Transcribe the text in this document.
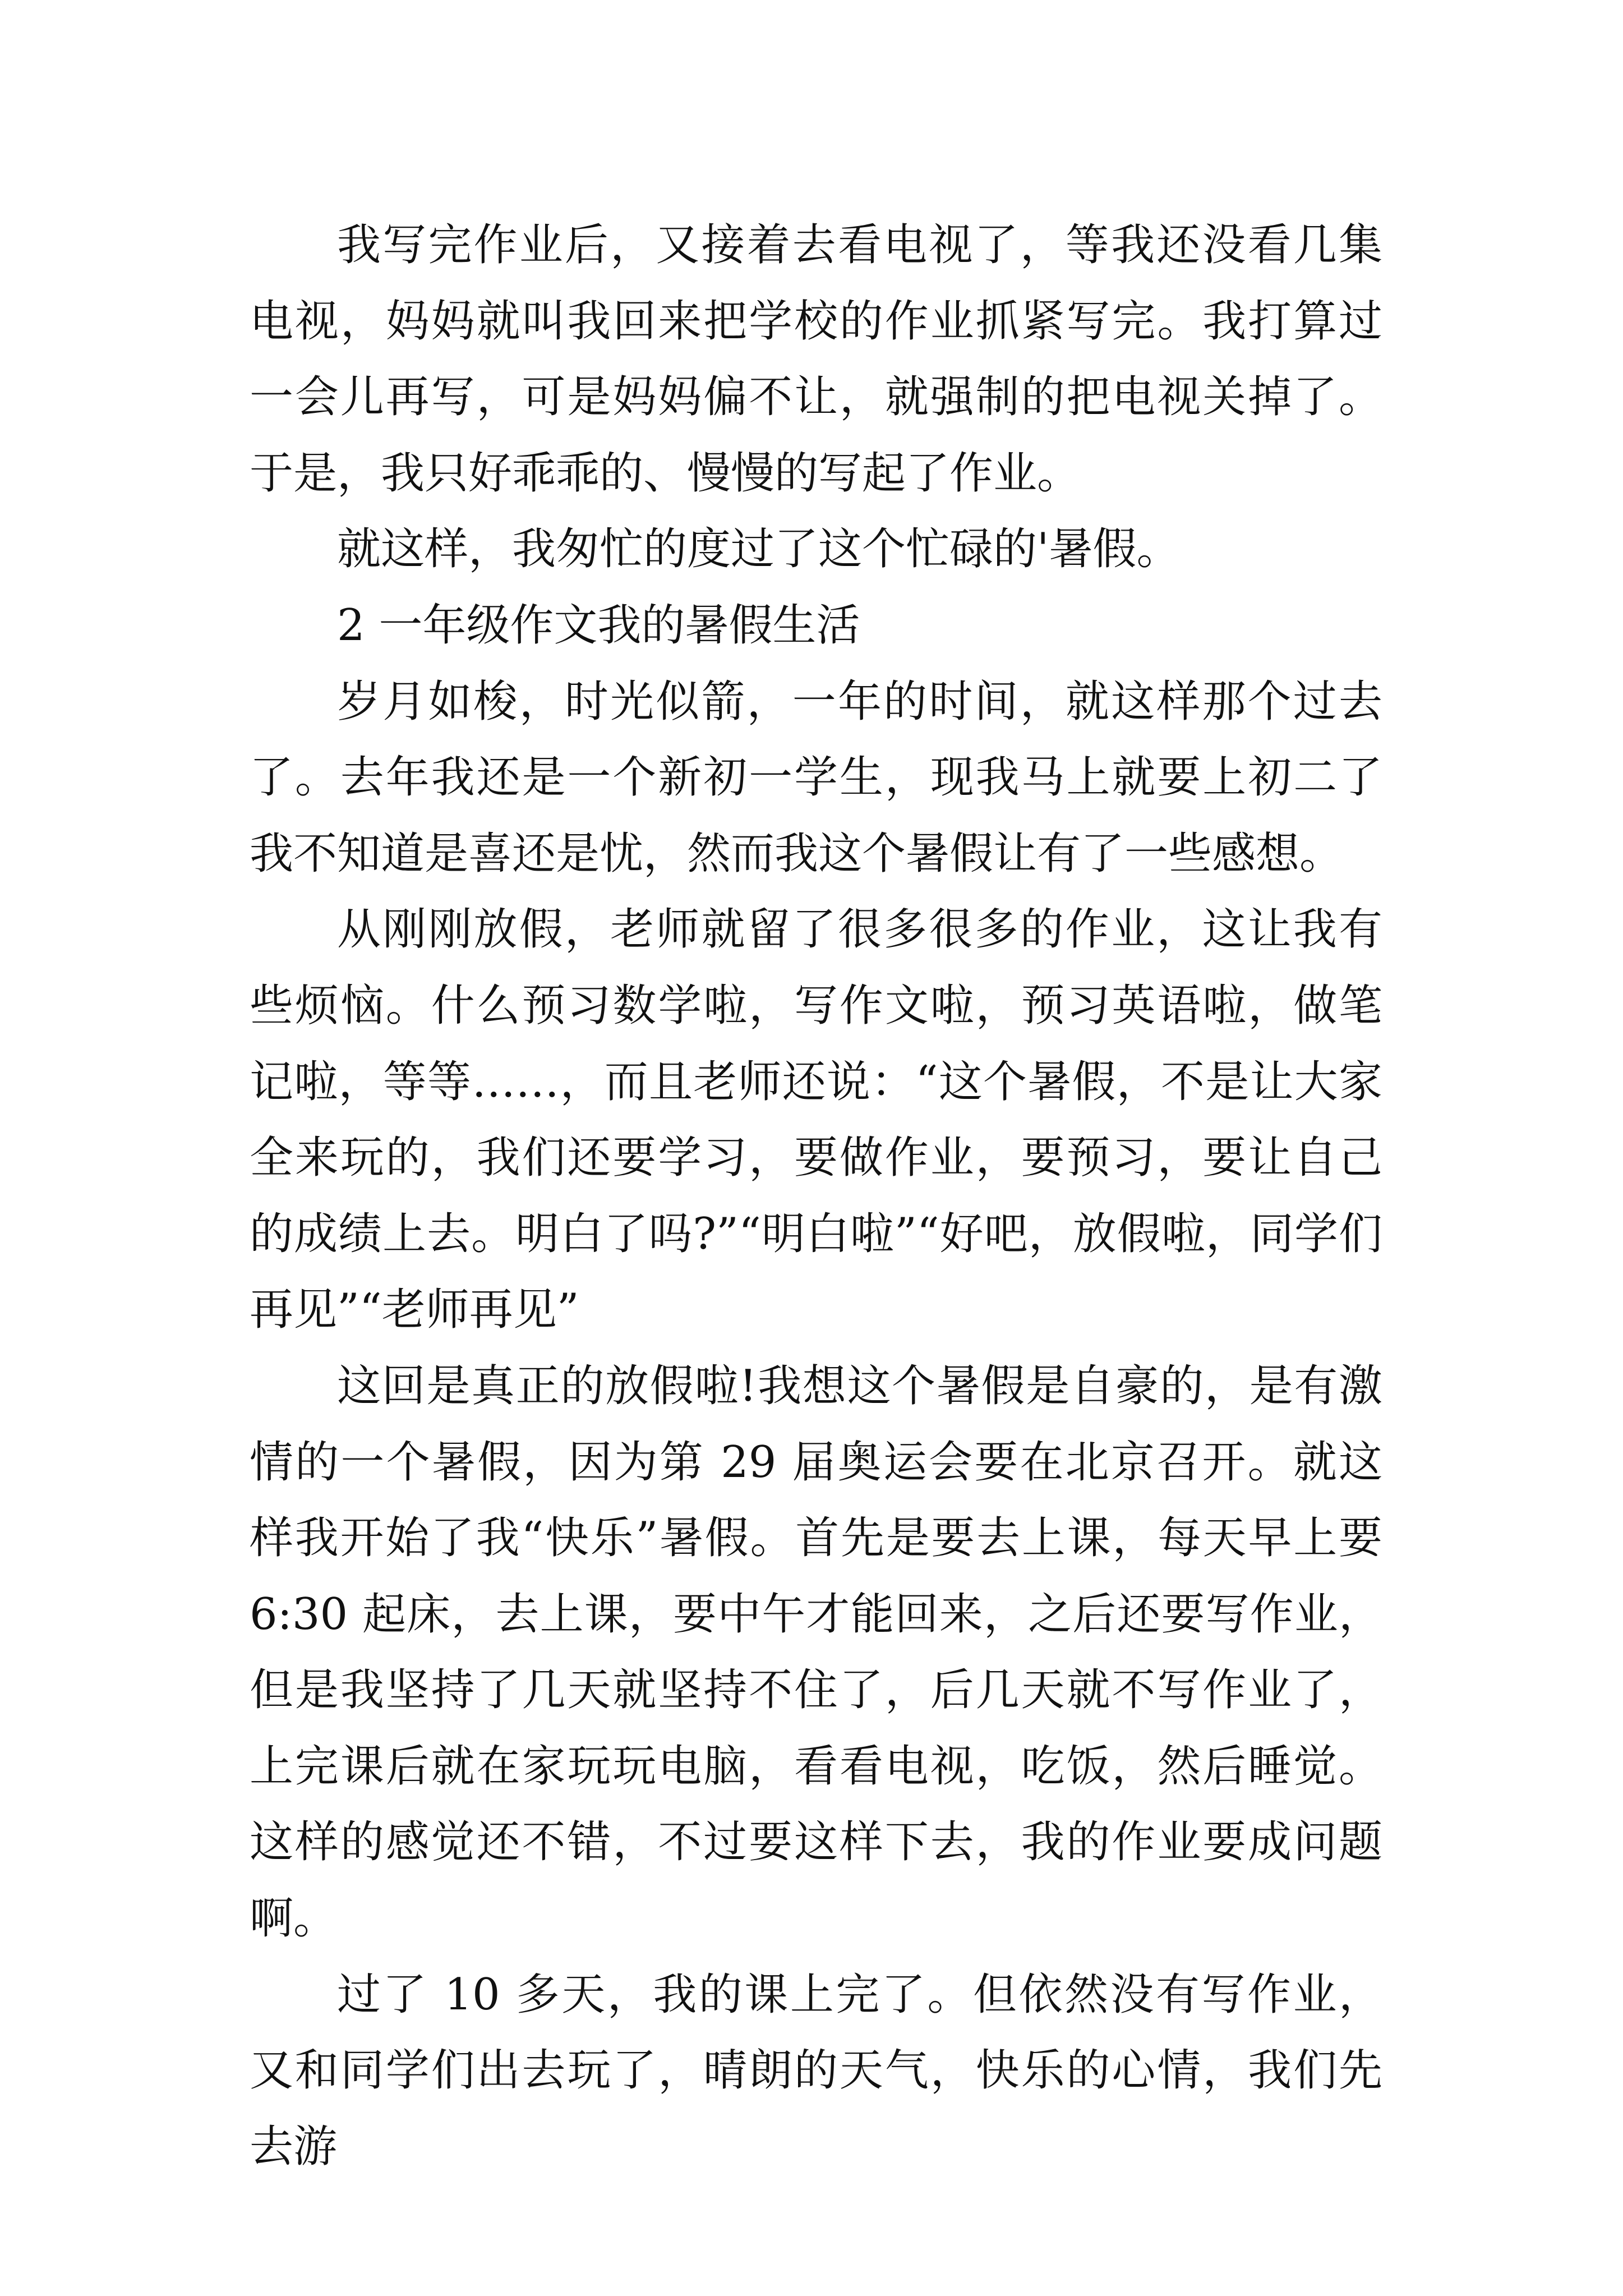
我写完作业后，又接着去看电视了，等我还没看几集电视，妈妈就叫我回来把学校的作业抓紧写完。我打算过一会儿再写，可是妈妈偏不让，就强制的把电视关掉了。于是，我只好乖乖的、慢慢的写起了作业。

就这样，我匆忙的度过了这个忙碌的'暑假。

2 一年级作文我的暑假生活

岁月如梭，时光似箭，一年的时间，就这样那个过去了。去年我还是一个新初一学生，现我马上就要上初二了我不知道是喜还是忧，然而我这个暑假让有了一些感想。

从刚刚放假，老师就留了很多很多的作业，这让我有些烦恼。什么预习数学啦，写作文啦，预习英语啦，做笔记啦，等等……，而且老师还说：“这个暑假，不是让大家全来玩的，我们还要学习，要做作业，要预习，要让自己的成绩上去。明白了吗?”“明白啦”“好吧，放假啦，同学们再见”“老师再见”

这回是真正的放假啦!我想这个暑假是自豪的，是有激情的一个暑假，因为第 29 届奥运会要在北京召开。就这样我开始了我“快乐”暑假。首先是要去上课，每天早上要 6:30 起床，去上课，要中午才能回来，之后还要写作业，但是我坚持了几天就坚持不住了，后几天就不写作业了，上完课后就在家玩玩电脑，看看电视，吃饭，然后睡觉。这样的感觉还不错，不过要这样下去，我的作业要成问题啊。

过了 10 多天，我的课上完了。但依然没有写作业，又和同学们出去玩了，晴朗的天气，快乐的心情，我们先去游
